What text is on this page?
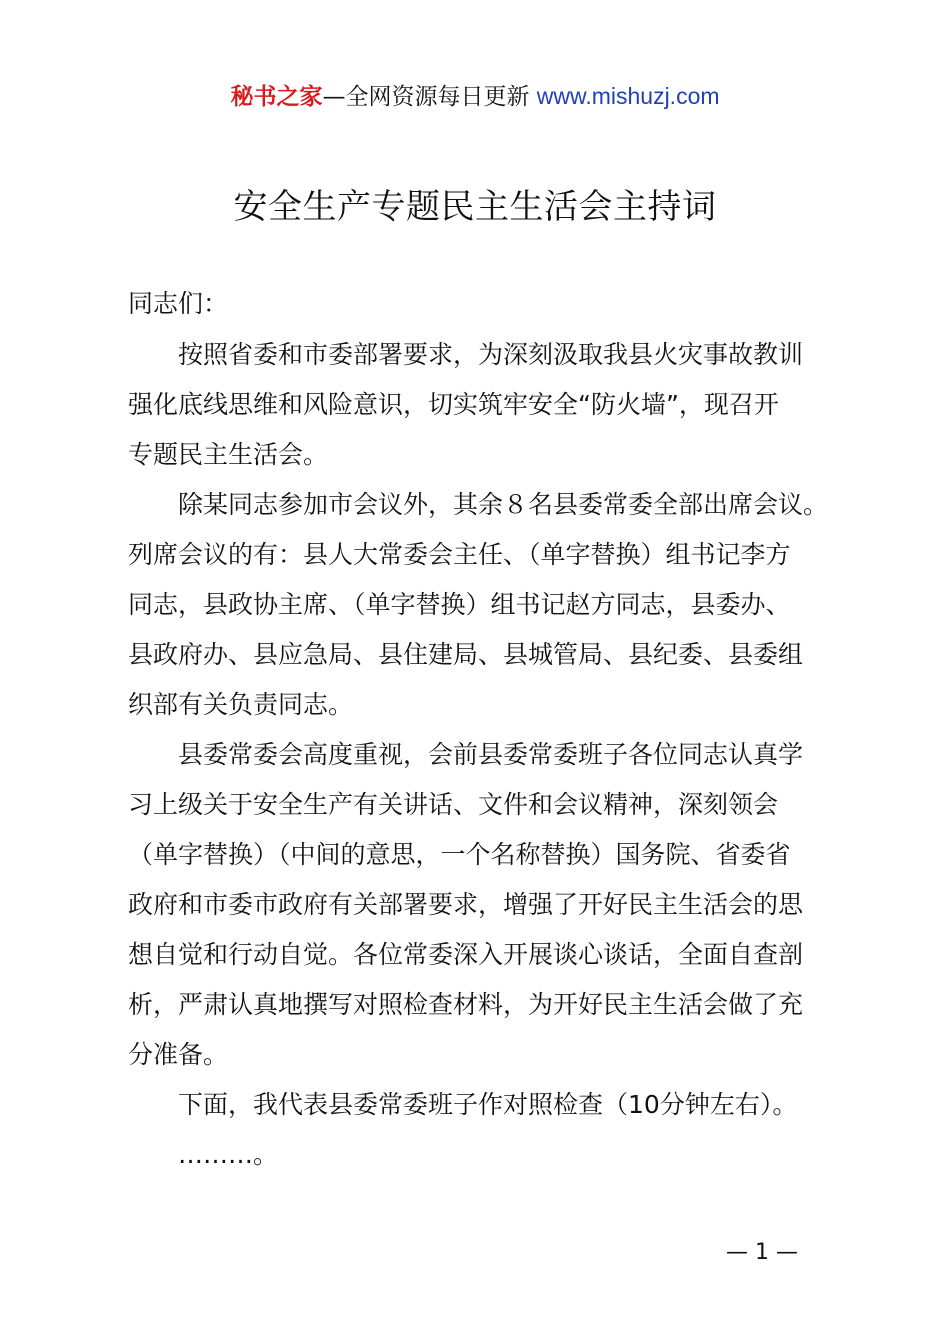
秘书之家—全网资源每日更新 www.mishuzj.com
安全生产专题民主生活会主持词
同志们：
按照省委和市委部署要求，为深刻汲取我县火灾事故教训
强化底线思维和风险意识，切实筑牢安全“防火墙”，现召开
专题民主生活会。
除某同志参加市会议外，其余８名县委常委全部出席会议。
列席会议的有：县人大常委会主任、（单字替换）组书记李方
同志，县政协主席、（单字替换）组书记赵方同志，县委办、
县政府办、县应急局、县住建局、县城管局、县纪委、县委组
织部有关负责同志。
县委常委会高度重视，会前县委常委班子各位同志认真学
习上级关于安全生产有关讲话、文件和会议精神，深刻领会
（单字替换）（中间的意思，一个名称替换）国务院、省委省
政府和市委市政府有关部署要求，增强了开好民主生活会的思
想自觉和行动自觉。各位常委深入开展谈心谈话，全面自查剖
析，严肃认真地撰写对照检查材料，为开好民主生活会做了充
分准备。
下面，我代表县委常委班子作对照检查（10分钟左右）。
………。
— 1 —
